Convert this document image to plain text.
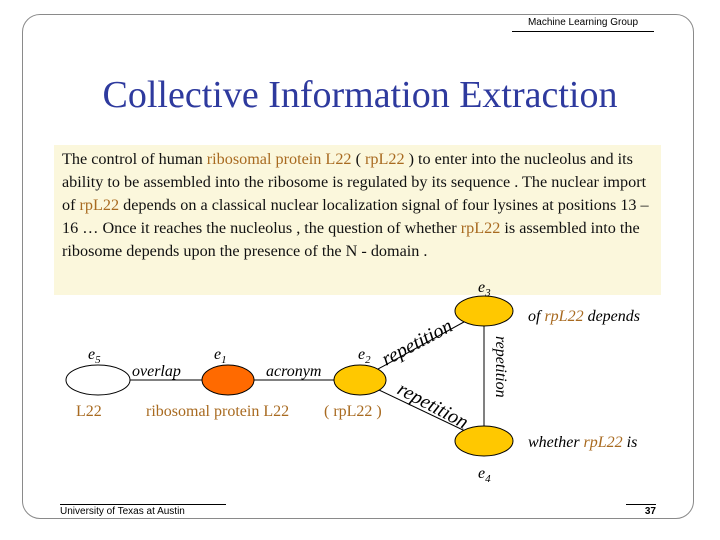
Machine Learning Group
Collective Information Extraction
The control of human ribosomal protein L22 ( rpL22 ) to enter into the nucleolus and its ability to be assembled into the ribosome is regulated by its sequence . The nuclear import of rpL22 depends on a classical nuclear localization signal of four lysines at positions 13 – 16 … Once it reaches the nucleolus , the question of whether rpL22 is assembled into the ribosome depends upon the presence of the N - domain .
$e_5$	$e_1$	$e_2$
$e_3$
$e_4$
L22	ribosomal protein L22 ( rpL22 )
of rpL22 depends
whether rpL22 is
overlap	acronym
repetition
repetition
repetition
University of Texas at Austin	37
